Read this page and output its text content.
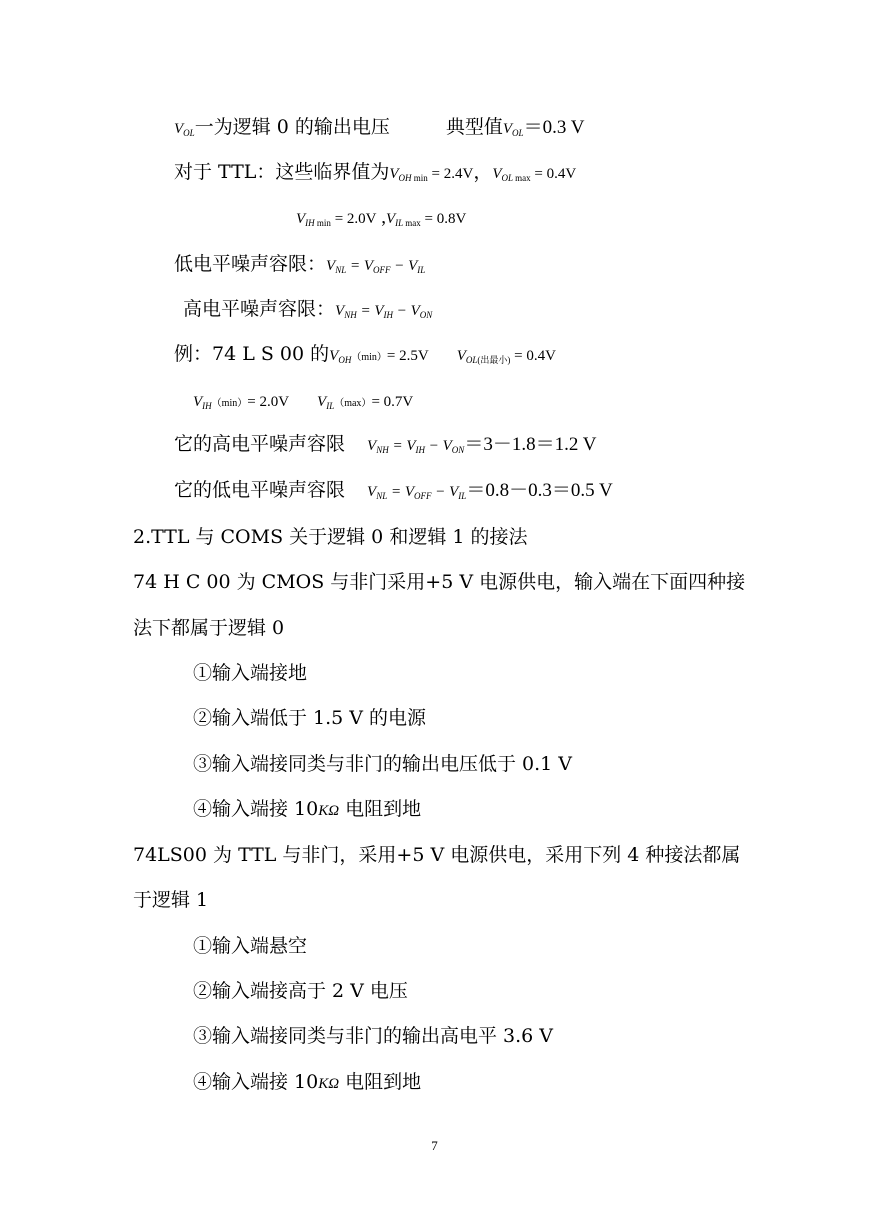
$V_{OL}$一为逻辑 0 的输出电压	典型值$V_{OL}=0.3$ V
对于 TTL：这些临界值为$V_{OH min} = 2.4V$，$V_{OL max} = 0.4V$
$V_{IH min} = 2.0V$ $,V_{IL max} = 0.8V$
低电平噪声容限：$V_{NL} = V_{OFF} - V_{IL}$
高电平噪声容限：$V_{NH} = V_{IH} - V_{ON}$
例：74 L S 00 的$V_{OH}(\min)= 2.5V$ $V_{OL(出最小)} = 0.4V$
$V_{IH}(\min)= 2.0V$ $V_{IL}(\max)= 0.7V$
它的高电平噪声容限 $V_{NH} = V_{IH} - V_{ON}=3-1.8=1.2$ V
它的低电平噪声容限 $V_{NL} = V_{OFF} - V_{IL}=0.8-0.3=0.5$ V
2.TTL 与 COMS 关于逻辑 0 和逻辑 1 的接法
74 H C 00 为 CMOS 与非门采用+5 V 电源供电，输入端在下面四种接
法下都属于逻辑 0
①输入端接地
②输入端低于 1.5 V 的电源
③输入端接同类与非门的输出电压低于 0.1 V
④输入端接 10KΩ 电阻到地
74LS00 为 TTL 与非门，采用+5 V 电源供电，采用下列 4 种接法都属
于逻辑 1
①输入端悬空
②输入端接高于 2 V 电压
③输入端接同类与非门的输出高电平 3.6 V
④输入端接 10KΩ 电阻到地
7
